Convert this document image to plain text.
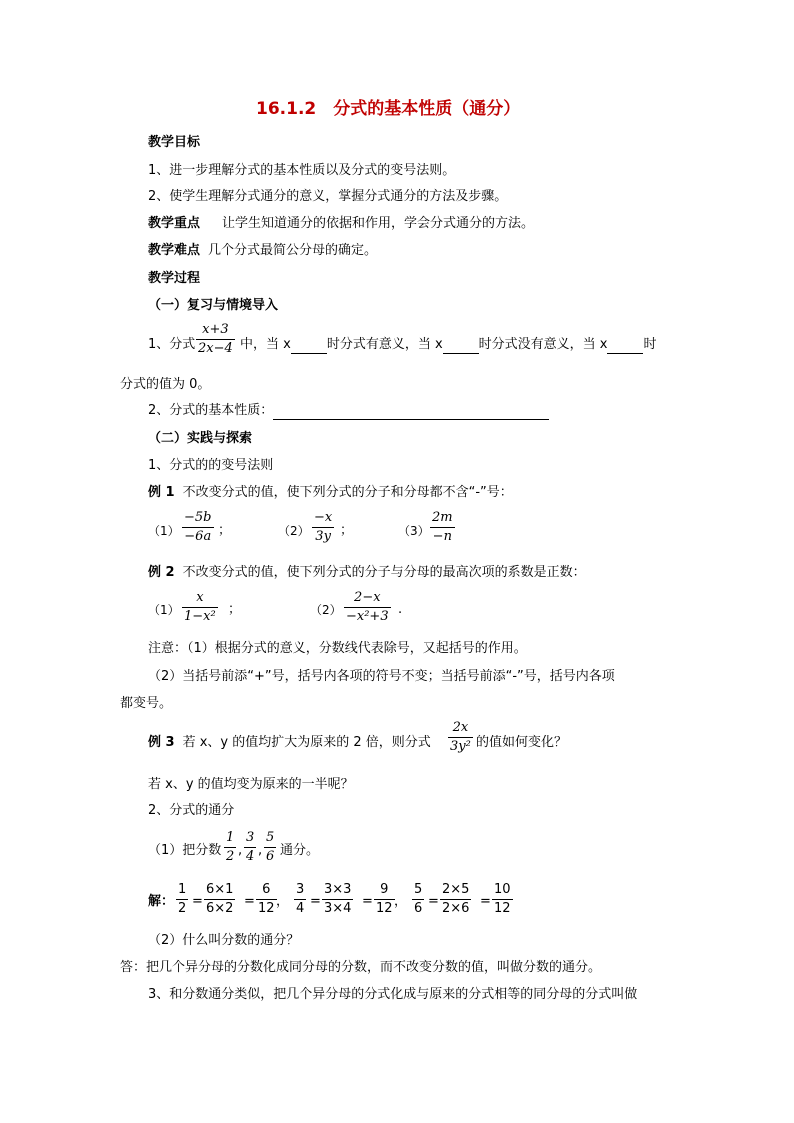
16.1.2　分式的基本性质（通分）
教学目标
1、进一步理解分式的基本性质以及分式的变号法则。
2、使学生理解分式通分的意义，掌握分式通分的方法及步骤。
教学重点 让学生知道通分的依据和作用，学会分式通分的方法。
教学难点 几个分式最简公分母的确定。
教学过程
（一）复习与情境导入
1、分式
x+3
2x−4 中，当 x	时分式有意义，当 x	时分式没有意义，当 x	时
分式的值为 0。
2、分式的基本性质：
（二）实践与探索
1、分式的的变号法则
例 1 不改变分式的值，使下列分式的分子和分母都不含“-”号：
（1）
−5b
−6a ；	（2）
−x
3y ；	（3）
2m
−n
例 2 不改变分式的值，使下列分式的分子与分母的最高次项的系数是正数：
（1）
x
1−x² ；	（2）
2−x
−x²+3 .
注意：（1）根据分式的意义，分数线代表除号，又起括号的作用。
（2）当括号前添“+”号，括号内各项的符号不变；当括号前添“-”号，括号内各项
都变号。
例 3 若 x、y 的值均扩大为原来的 2 倍，则分式
2x
3y² 的值如何变化？
若 x、y 的值均变为原来的一半呢？
2、分式的通分
（1）把分数
1
2 ,
3
4 ,
5
6 通分。
解：
1
2 =
6×1
6×2 =
6
12 ，
3
4 =
3×3
3×4 =
9
12 ，
5
6 =
2×5
2×6 =
10
12
（2）什么叫分数的通分？
答：把几个异分母的分数化成同分母的分数，而不改变分数的值，叫做分数的通分。
3、和分数通分类似，把几个异分母的分式化成与原来的分式相等的同分母的分式叫做
